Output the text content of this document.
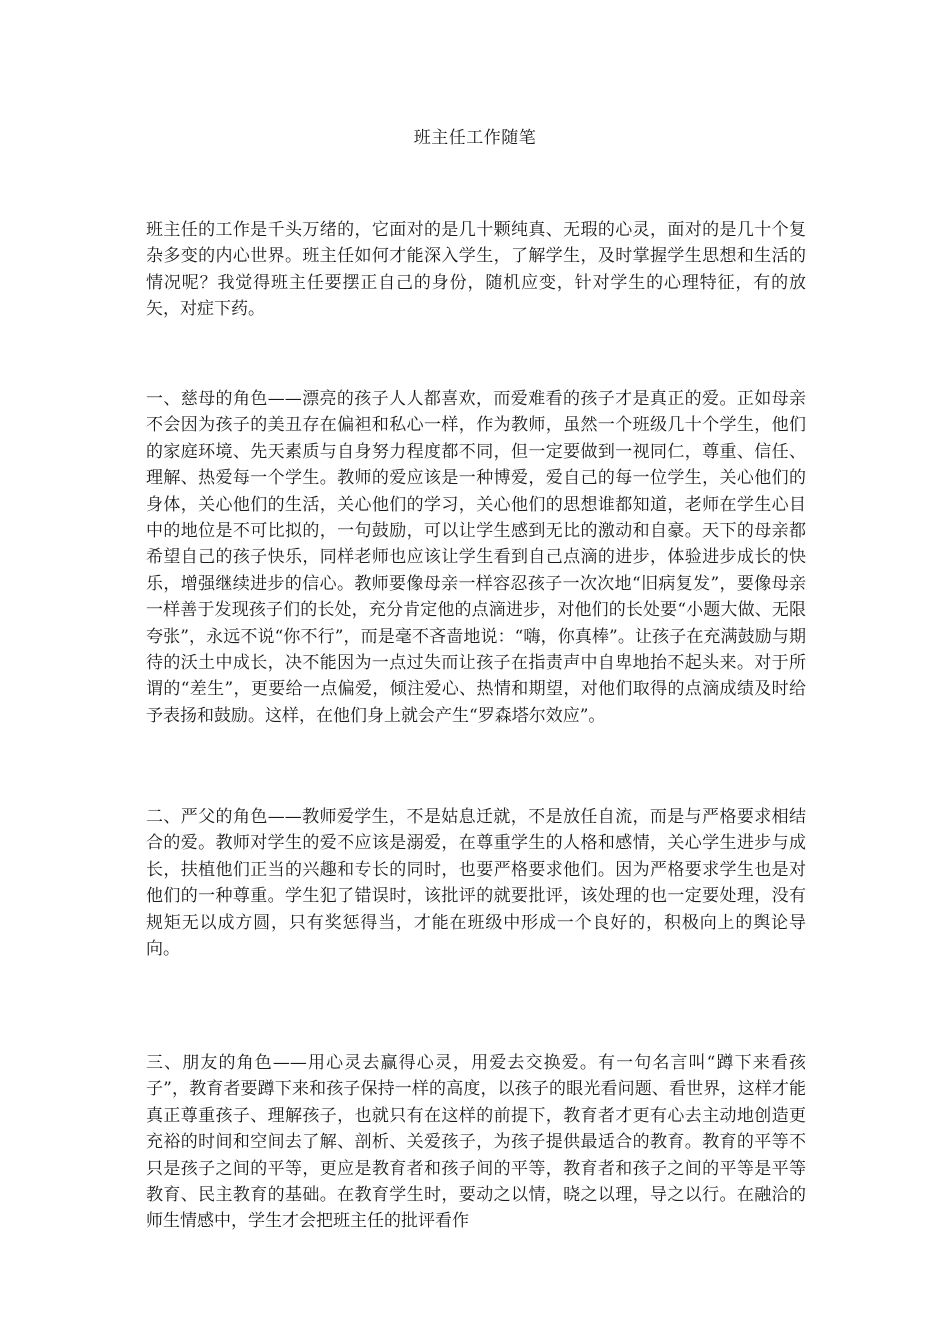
班主任工作随笔

班主任的工作是千头万绪的，它面对的是几十颗纯真、无瑕的心灵，面对的是几十个复杂多变的内心世界。班主任如何才能深入学生，了解学生，及时掌握学生思想和生活的情况呢？我觉得班主任要摆正自己的身份，随机应变，针对学生的心理特征，有的放矢，对症下药。

一、慈母的角色——漂亮的孩子人人都喜欢，而爱难看的孩子才是真正的爱。正如母亲不会因为孩子的美丑存在偏袒和私心一样，作为教师，虽然一个班级几十个学生，他们的家庭环境、先天素质与自身努力程度都不同，但一定要做到一视同仁，尊重、信任、理解、热爱每一个学生。教师的爱应该是一种博爱，爱自己的每一位学生，关心他们的身体，关心他们的生活，关心他们的学习，关心他们的思想谁都知道，老师在学生心目中的地位是不可比拟的，一句鼓励，可以让学生感到无比的激动和自豪。天下的母亲都希望自己的孩子快乐，同样老师也应该让学生看到自己点滴的进步，体验进步成长的快乐，增强继续进步的信心。教师要像母亲一样容忍孩子一次次地“旧病复发”，要像母亲一样善于发现孩子们的长处，充分肯定他的点滴进步，对他们的长处要“小题大做、无限夸张”，永远不说“你不行”，而是毫不吝啬地说：“嗨，你真棒”。让孩子在充满鼓励与期待的沃土中成长，决不能因为一点过失而让孩子在指责声中自卑地抬不起头来。对于所谓的“差生”，更要给一点偏爱，倾注爱心、热情和期望，对他们取得的点滴成绩及时给予表扬和鼓励。这样，在他们身上就会产生“罗森塔尔效应”。

二、严父的角色——教师爱学生，不是姑息迁就，不是放任自流，而是与严格要求相结合的爱。教师对学生的爱不应该是溺爱，在尊重学生的人格和感情，关心学生进步与成长，扶植他们正当的兴趣和专长的同时，也要严格要求他们。因为严格要求学生也是对他们的一种尊重。学生犯了错误时，该批评的就要批评，该处理的也一定要处理，没有规矩无以成方圆，只有奖惩得当，才能在班级中形成一个良好的，积极向上的舆论导向。

三、朋友的角色——用心灵去赢得心灵，用爱去交换爱。有一句名言叫“蹲下来看孩子”，教育者要蹲下来和孩子保持一样的高度，以孩子的眼光看问题、看世界，这样才能真正尊重孩子、理解孩子，也就只有在这样的前提下，教育者才更有心去主动地创造更充裕的时间和空间去了解、剖析、关爱孩子，为孩子提供最适合的教育。教育的平等不只是孩子之间的平等，更应是教育者和孩子间的平等，教育者和孩子之间的平等是平等教育、民主教育的基础。在教育学生时，要动之以情，晓之以理，导之以行。在融洽的师生情感中，学生才会把班主任的批评看作
